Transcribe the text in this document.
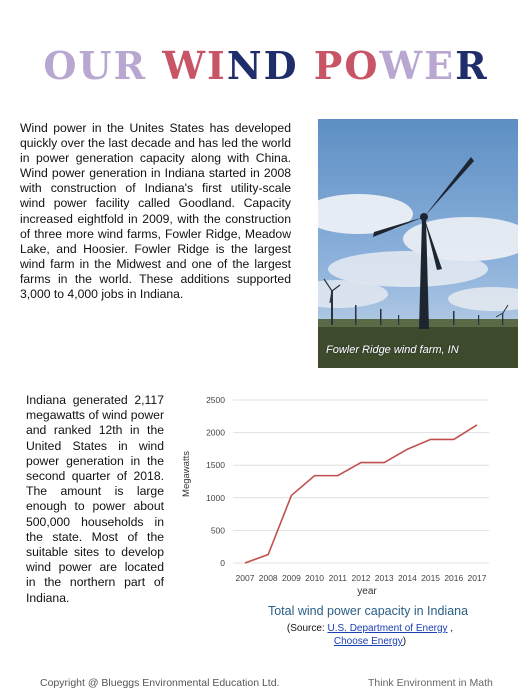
OUR WIND POWER
Wind power in the Unites States has developed quickly over the last decade and has led the world in power generation capacity along with China. Wind power generation in Indiana started in 2008 with construction of Indiana's first utility-scale wind power facility called Goodland. Capacity increased eightfold in 2009, with the construction of three more wind farms, Fowler Ridge, Meadow Lake, and Hoosier. Fowler Ridge is the largest wind farm in the Midwest and one of the largest farms in the world. These additions supported 3,000 to 4,000 jobs in Indiana.
Fowler Ridge wind farm, IN
Indiana generated 2,117 megawatts of wind power and ranked 12th in the United States in wind power generation in the second quarter of 2018. The amount is large enough to power about 500,000 households in the state. Most of the suitable sites to develop wind power are located in the northern part of Indiana.
Megawatts
year
0
500
1000
1500
2000
2500
2007 2008 2009 2010 2011 2012 2013 2014 2015 2016 2017
Total wind power capacity in Indiana
(Source: U.S. Department of Energy ,
Choose Energy)
Copyright @ Blueggs Environmental Education Ltd.	Think Environment in Math
